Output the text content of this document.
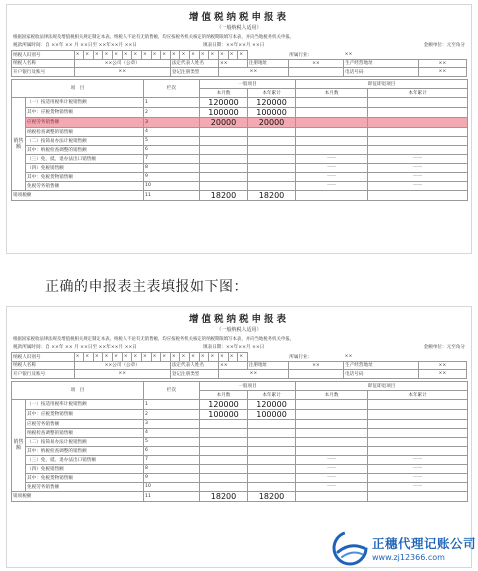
增值税纳税申报表
（一般纳税人适用）
根据国家税收法律法规及增值税相关规定制定本表。纳税人不论有无销售额，均应按税务机关核定的纳税期限填写本表，并向当地税务机关申报。
税款所属时间：自 ××年 ×× 月 ××日至 ××年××月 ××日	填表日期：××年××月 ××日	金额单位：元至角分
纳税人识别号	×	×	×	×	×	×	×	×	×	×	×	×	×	×	×	×	×	×		所属行业：	××	
纳税人名称	××公司（公章）										法定代表人姓名					××			注册地址	××	生产经营地址	××
开户银行及账号	××										登记注册类型					××					电话号码	××
项　目		栏次	一般项目		即征即退项目	
			本月数	本年累计	本月数	本年累计
销售额	（一）按适用税率计税销售额	1	120000	120000		
	其中：应税货物销售额	2	100000	100000		
	应税劳务销售额	3	20000	20000		
	纳税检查调整的销售额	4				
	（二）按简易办法计税销售额	5				
	其中：纳税检查调整的销售额	6				
	（三）免、抵、退办法出口销售额	7			——	——
	（四）免税销售额	8			——	——
	其中：免税货物销售额	9			——	——
	免税劳务销售额	10			——	——
销项税额		11	18200	18200		
正确的申报表主表填报如下图：
增值税纳税申报表
（一般纳税人适用）
根据国家税收法律法规及增值税相关规定制定本表。纳税人不论有无销售额，均应按税务机关核定的纳税期限填写本表，并向当地税务机关申报。
税款所属时间：自 ××年 ×× 月 ××日至 ××年××月 ××日	填表日期：××年××月 ××日	金额单位：元至角分
纳税人识别号	×	×	×	×	×	×	×	×	×	×	×	×	×	×	×	×	×	×		所属行业：	××	
纳税人名称	××公司（公章）										法定代表人姓名					××			注册地址	××	生产经营地址	××
开户银行及账号	××										登记注册类型					××					电话号码	××
项　目		栏次	一般项目		即征即退项目	
			本月数	本年累计	本月数	本年累计
销售额	（一）按适用税率计税销售额	1	120000	120000		
	其中：应税货物销售额	2	100000	100000		
	应税劳务销售额	3				
	纳税检查调整的销售额	4				
	（二）按简易办法计税销售额	5				
	其中：纳税检查调整的销售额	6				
	（三）免、抵、退办法出口销售额	7			——	——
	（四）免税销售额	8			——	——
	其中：免税货物销售额	9			——	——
	免税劳务销售额	10			——	——
销项税额		11	18200	18200		
正穗代理记账公司
www.zj12366.com
